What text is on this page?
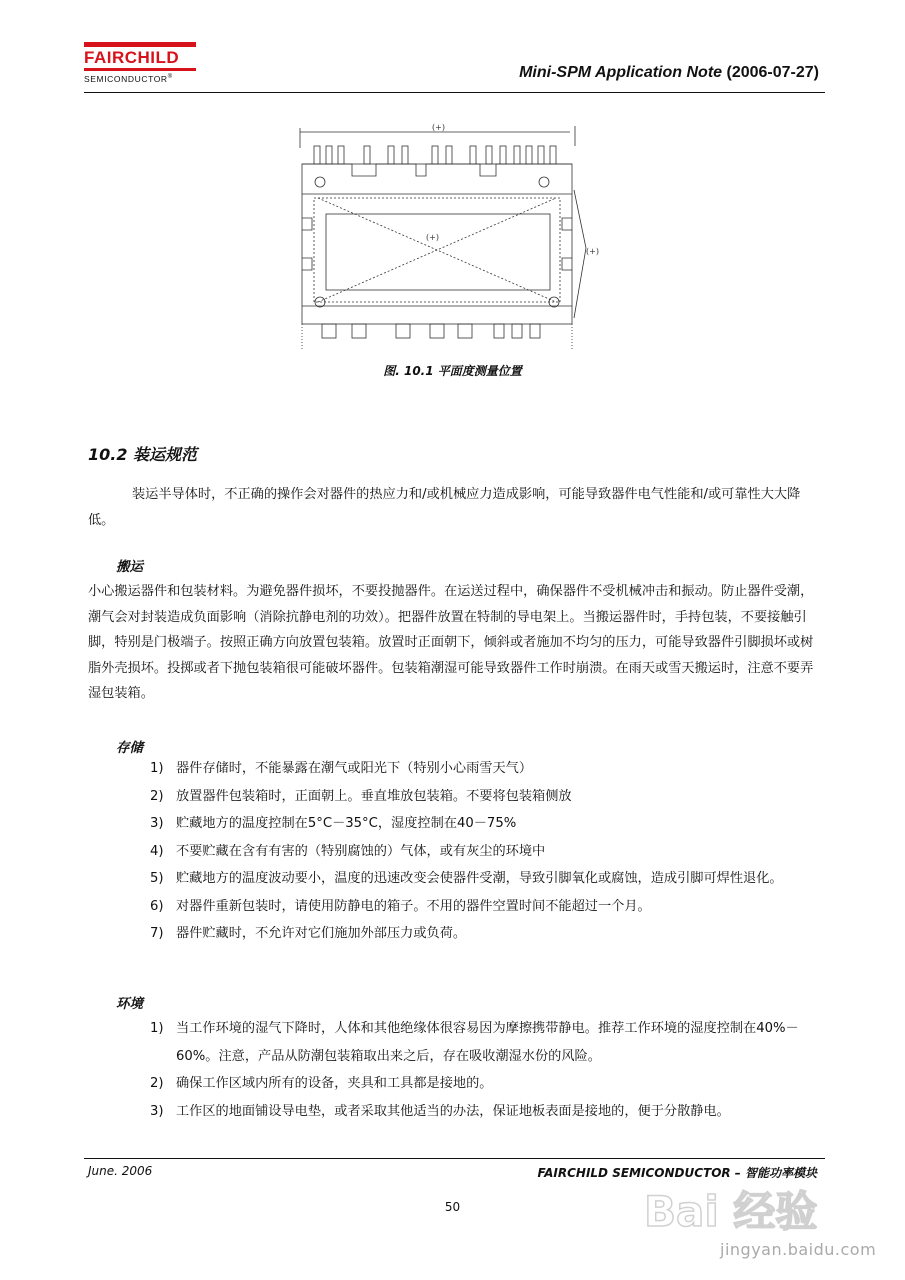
FAIRCHILD
SEMICONDUCTOR®	Mini-SPM Application Note (2006-07-27)
(+)
(+)
(+)
图. 10.1 平面度测量位置
10.2 装运规范
装运半导体时，不正确的操作会对器件的热应力和/或机械应力造成影响，可能导致器件电气性能和/或可靠性大大降低。
搬运
小心搬运器件和包装材料。为避免器件损坏，不要投抛器件。在运送过程中，确保器件不受机械冲击和振动。防止器件受潮，潮气会对封装造成负面影响（消除抗静电剂的功效）。把器件放置在特制的导电架上。当搬运器件时，手持包装，不要接触引脚，特别是门极端子。按照正确方向放置包装箱。放置时正面朝下，倾斜或者施加不均匀的压力，可能导致器件引脚损坏或树脂外壳损坏。投掷或者下抛包装箱很可能破坏器件。包装箱潮湿可能导致器件工作时崩溃。在雨天或雪天搬运时，注意不要弄湿包装箱。
存储
1) 器件存储时，不能暴露在潮气或阳光下（特别小心雨雪天气）
2) 放置器件包装箱时，正面朝上。垂直堆放包装箱。不要将包装箱侧放
3) 贮藏地方的温度控制在5°C－35°C，湿度控制在40－75%
4) 不要贮藏在含有有害的（特别腐蚀的）气体，或有灰尘的环境中
5) 贮藏地方的温度波动要小，温度的迅速改变会使器件受潮，导致引脚氧化或腐蚀，造成引脚可焊性退化。
6) 对器件重新包装时，请使用防静电的箱子。不用的器件空置时间不能超过一个月。
7) 器件贮藏时，不允许对它们施加外部压力或负荷。
环境
1) 当工作环境的湿气下降时，人体和其他绝缘体很容易因为摩擦携带静电。推荐工作环境的湿度控制在40%－60%。注意，产品从防潮包装箱取出来之后，存在吸收潮湿水份的风险。
2) 确保工作区域内所有的设备，夹具和工具都是接地的。
3) 工作区的地面铺设导电垫，或者采取其他适当的办法，保证地板表面是接地的，便于分散静电。
June. 2006	FAIRCHILD SEMICONDUCTOR – 智能功率模块
50	Bai 经验
jingyan.baidu.com
